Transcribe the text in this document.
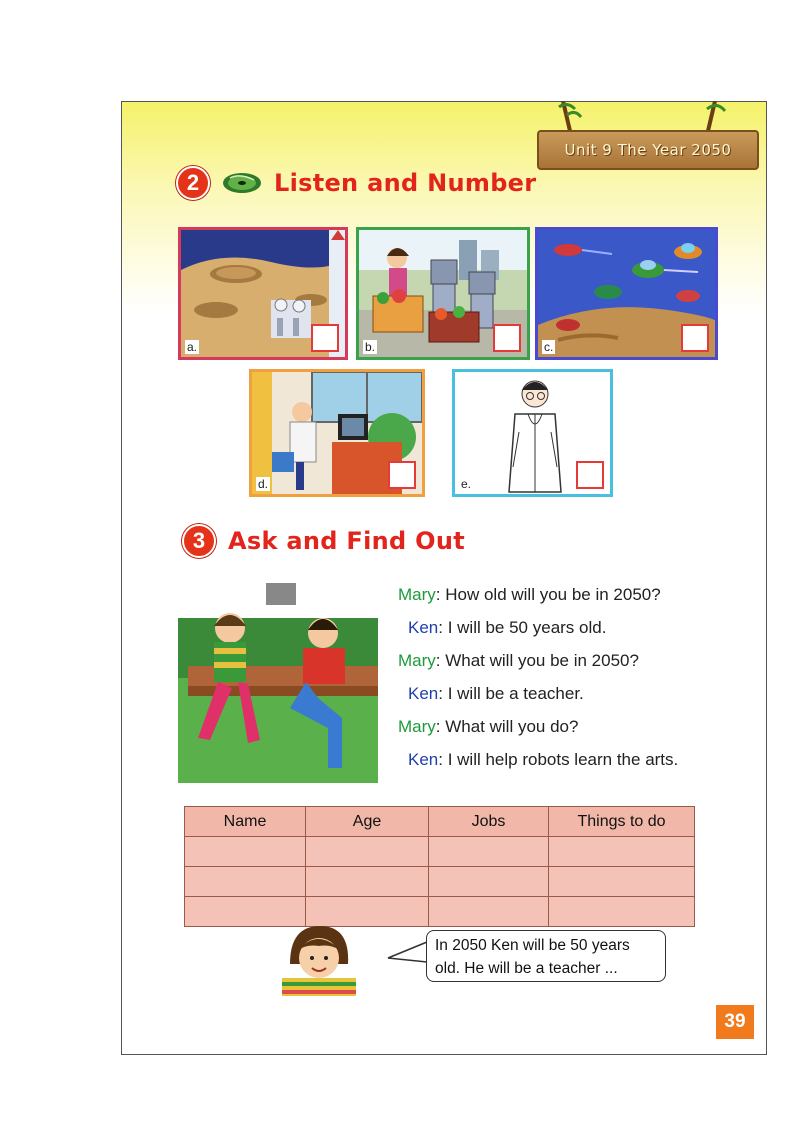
Unit 9 The Year 2050
2	Listen and Number
a.	b.	c.
d.	e.
3 Ask and Find Out
Mary: How old will you be in 2050?
Ken: I will be 50 years old.
Mary: What will you be in 2050?
Ken: I will be a teacher.
Mary: What will you do?
Ken: I will help robots learn the arts.
Name	Age	Jobs	Things to do

In 2050 Ken will be 50 years
old. He will be a teacher ...
39
